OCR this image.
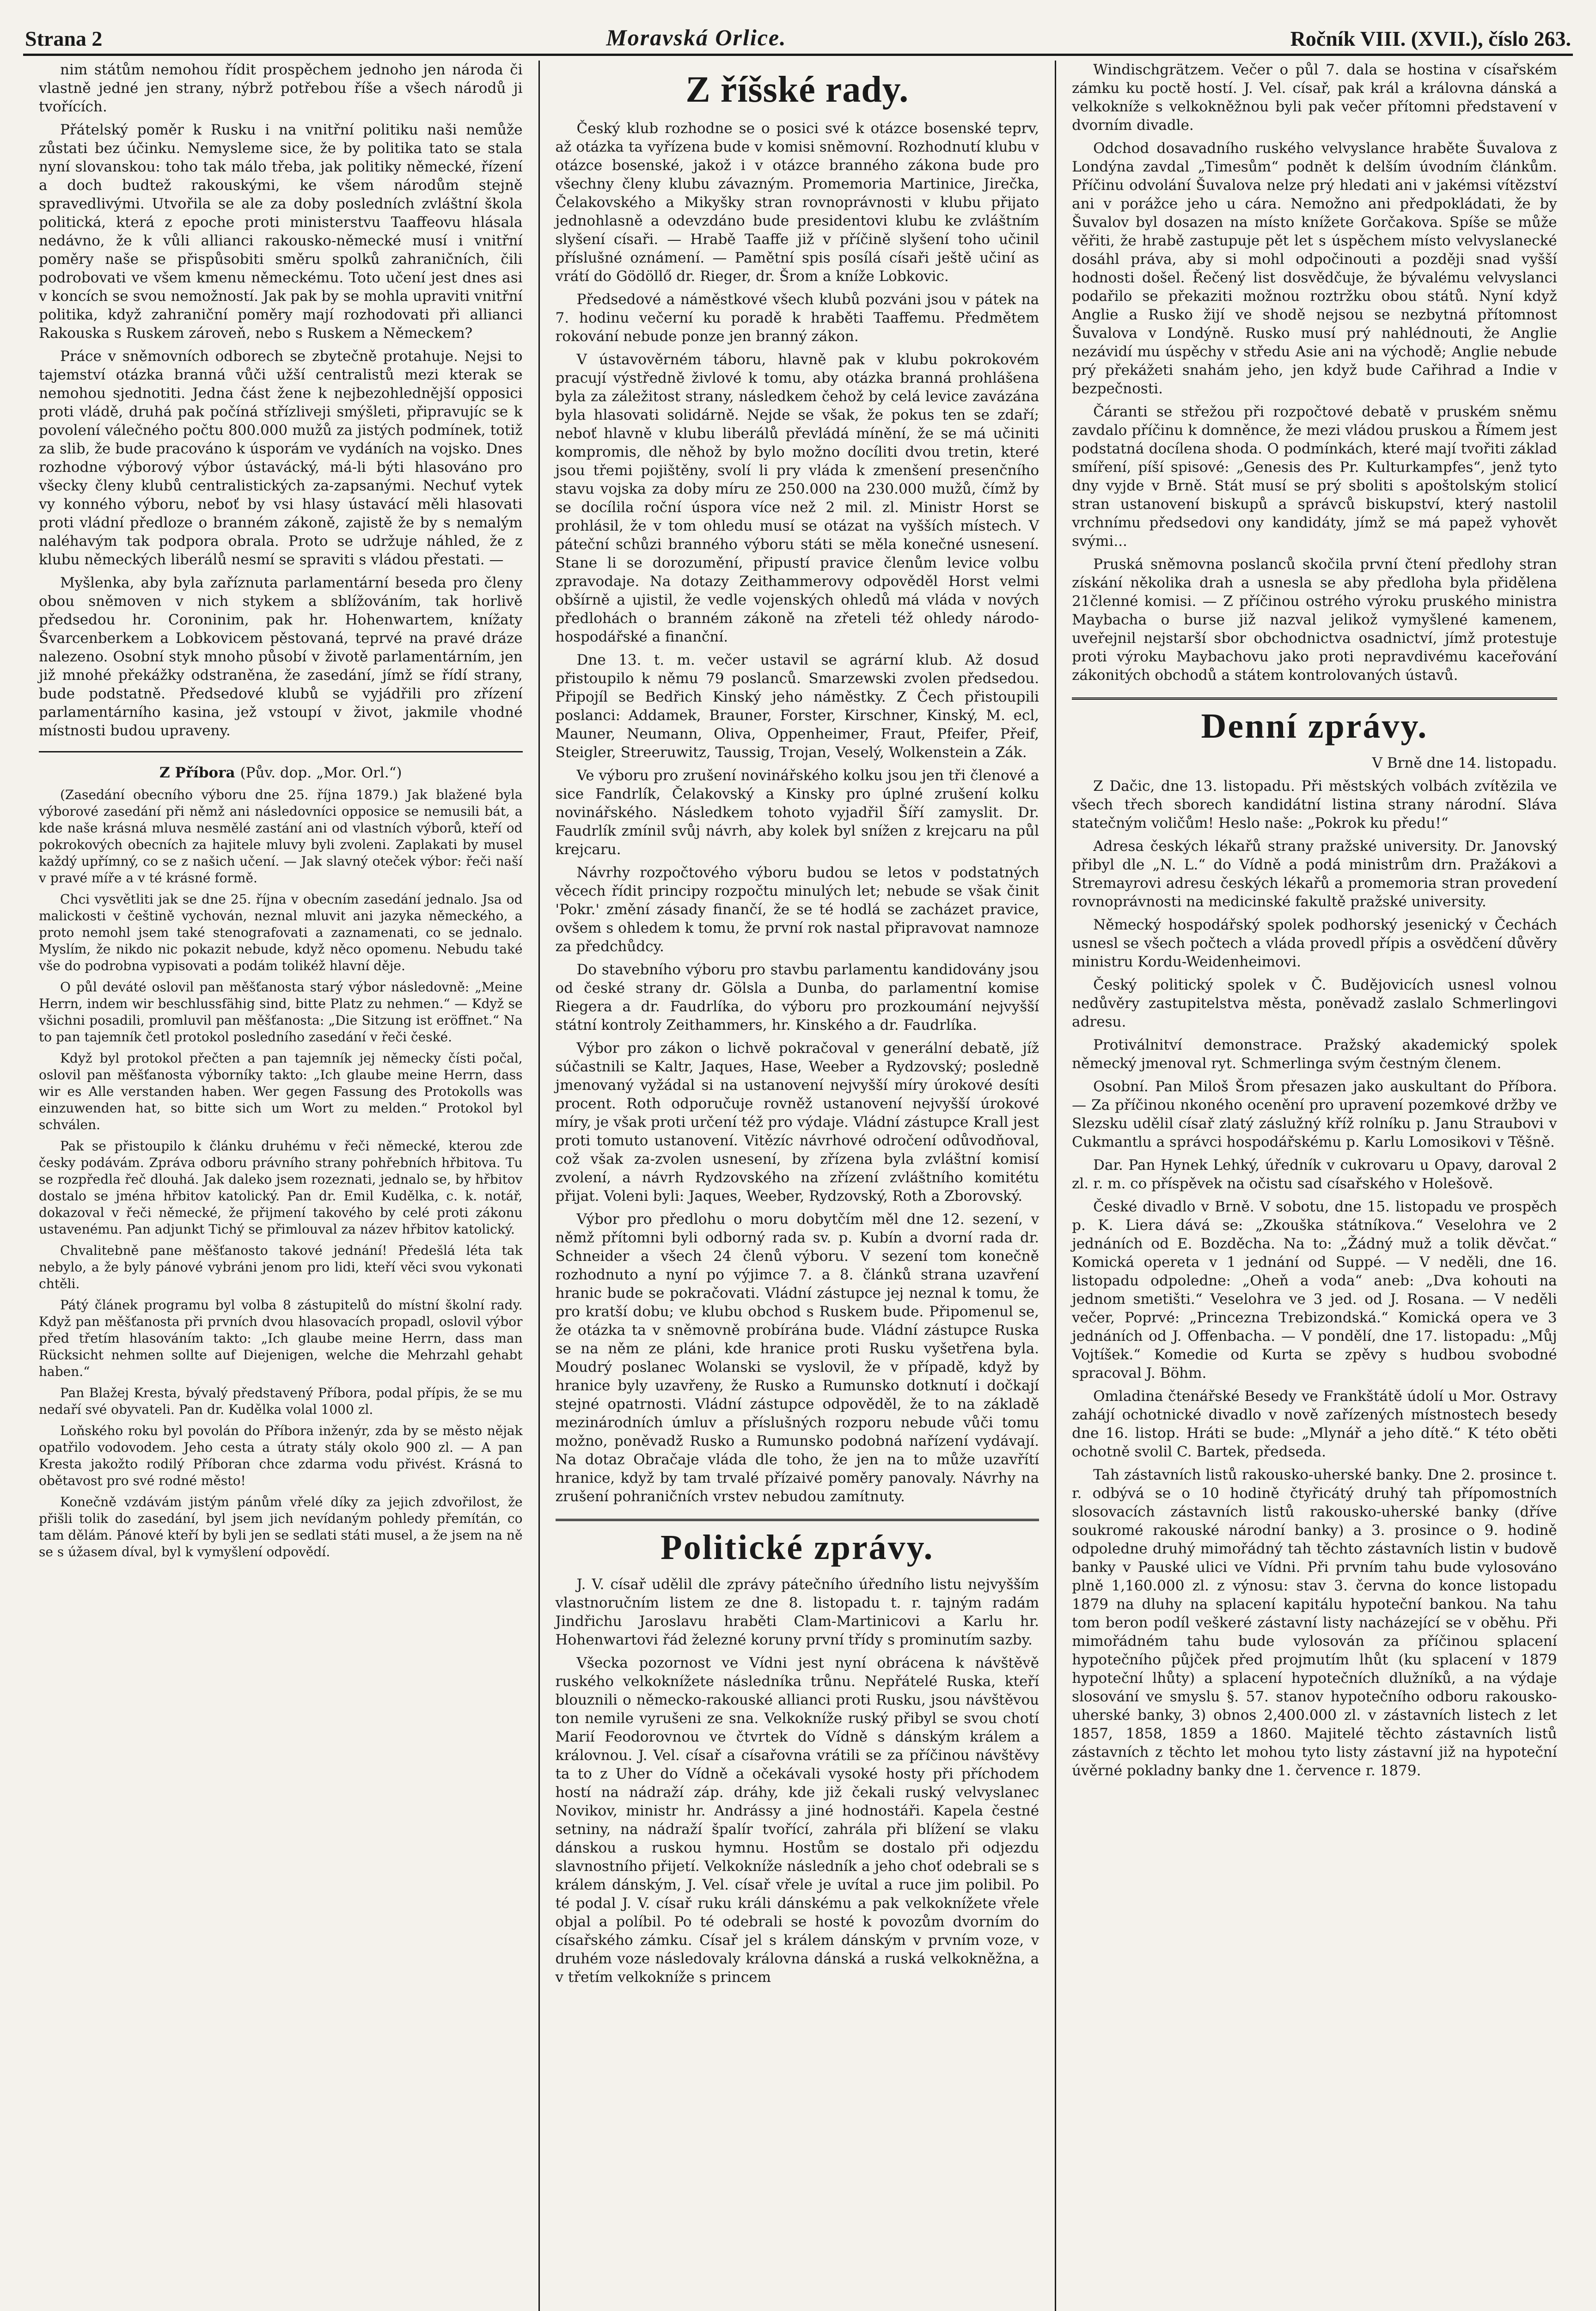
Strana 2	Moravská Orlice.	Ročník VIII. (XVII.), číslo 263.

nim státům nemohou řídit prospěchem jednoho jen národa či vlastně jedné jen strany, nýbrž potřebou říše a všech národů ji tvořících.

Přátelský poměr k Rusku i na vnitřní politiku naši nemůže zůstati bez účinku. Nemysleme sice, že by politika tato se stala nyní slovanskou: toho tak málo třeba, jak politiky německé, řízení a doch budtež rakouskými, ke všem národům stejně spravedlivými. Utvořila se ale za doby posledních zvláštní škola politická, která z epoche proti ministerstvu Taaffeovu hlásala nedávno, že k vůli allianci rakousko-německé musí i vnitřní poměry naše se přispůsobiti směru spolků zahraničních, čili podrobovati ve všem kmenu německému. Toto učení jest dnes asi v koncích se svou nemožností. Jak pak by se mohla upraviti vnitřní politika, když zahraniční poměry mají rozhodovati při allianci Rakouska s Ruskem zároveň, nebo s Ruskem a Německem?

Práce v sněmovních odborech se zbytečně protahuje. Nejsi to tajemství otázka branná vůči užší centralistů mezi kterak se nemohou sjednotiti. Jedna část žene k nejbezohlednější opposici proti vládě, druhá pak počíná střízliveji smýšleti, připravujíc se k povolení válečného počtu 800.000 mužů za jistých podmínek, totiž za slib, že bude pracováno k úsporám ve vydáních na vojsko. Dnes rozhodne výborový výbor ústavácký, má-li býti hlasováno pro všecky členy klubů centralistických za-zapsanými. Nechuť vytek vy konného výboru, neboť by vsi hlasy ústavácí měli hlasovati proti vládní předloze o branném zákoně, zajistě že by s nemalým naléhavým tak podpora obrala. Proto se udržuje náhled, že z klubu německých liberálů nesmí se spraviti s vládou přestati. —

Myšlenka, aby byla zaříznuta parlamentární beseda pro členy obou sněmoven v nich stykem a sblížováním, tak horlivě předsedou hr. Coroninim, pak hr. Hohenwartem, knížaty Švarcenberkem a Lobkovicem pěstovaná, teprvé na pravé dráze nalezeno. Osobní styk mnoho působí v životě parlamentárním, jen již mnohé překážky odstraněna, že zasedání, jímž se řídí strany, bude podstatně. Předsedové klubů se vyjádřili pro zřízení parlamentárního kasina, jež vstoupí v život, jakmile vhodné místnosti budou upraveny.

Z Příbora (Pův. dop. „Mor. Orl.“)

(Zasedání obecního výboru dne 25. října 1879.) Jak blažené byla výborové zasedání při němž ani následovníci opposice se nemusili bát, a kde naše krásná mluva nesmělé zastání ani od vlastních výborů, kteří od pokrokových obecních za hajitele mluvy byli zvoleni. Zaplakati by musel každý upřímný, co se z našich učení. — Jak slavný oteček výbor: řeči naší v pravé míře a v té krásné formě.

Chci vysvětliti jak se dne 25. října v obecním zasedání jednalo. Jsa od malickosti v češtině vychován, neznal mluvit ani jazyka německého, a proto nemohl jsem také stenografovati a zaznamenati, co se jednalo. Myslím, že nikdo nic pokazit nebude, když něco opomenu. Nebudu také vše do podrobna vypisovati a podám tolikéž hlavní děje.

O půl deváté oslovil pan měšťanosta starý výbor následovně: „Meine Herrn, indem wir beschlussfähig sind, bitte Platz zu nehmen.“ — Když se všichni posadili, promluvil pan měšťanosta: „Die Sitzung ist eröffnet.“ Na to pan tajemník četl protokol posledního zasedání v řeči české.

Když byl protokol přečten a pan tajemník jej německy čísti počal, oslovil pan měšťanosta výborníky takto: „Ich glaube meine Herrn, dass wir es Alle verstanden haben. Wer gegen Fassung des Protokolls was einzuwenden hat, so bitte sich um Wort zu melden.“ Protokol byl schválen.

Pak se přistoupilo k článku druhému v řeči německé, kterou zde česky podávám. Zpráva odboru právního strany pohřebních hřbitova. Tu se rozpředla řeč dlouhá. Jak daleko jsem rozeznati, jednalo se, by hřbitov dostalo se jména hřbitov katolický. Pan dr. Emil Kudělka, c. k. notář, dokazoval v řeči německé, že přijmení takového by celé proti zákonu ustavenému. Pan adjunkt Tichý se přimlouval za název hřbitov katolický.

Chvalitebně pane měšťanosto takové jednání! Předešlá léta tak nebylo, a že byly pánové vybráni jenom pro lidi, kteří věci svou vykonati chtěli.

Pátý článek programu byl volba 8 zástupitelů do místní školní rady. Když pan měšťanosta při prvních dvou hlasovacích propadl, oslovil výbor před třetím hlasováním takto: „Ich glaube meine Herrn, dass man Rücksicht nehmen sollte auf Diejenigen, welche die Mehrzahl gehabt haben.“

Pan Blažej Kresta, bývalý představený Příbora, podal přípis, že se mu nedaří své obyvateli. Pan dr. Kudělka volal 1000 zl.

Loňského roku byl povolán do Příbora inženýr, zda by se město nějak opatřilo vodovodem. Jeho cesta a útraty stály okolo 900 zl. — A pan Kresta jakožto rodilý Příboran chce zdarma vodu přivést. Krásná to obětavost pro své rodné město!

Konečně vzdávám jistým pánům vřelé díky za jejich zdvořilost, že přišli tolik do zasedání, byl jsem jich nevídaným pohledy přemítán, co tam dělám. Pánové kteří by byli jen se sedlati státi musel, a že jsem na ně se s úžasem díval, byl k vymyšlení odpovědí.

Z říšské rady.

Český klub rozhodne se o posici své k otázce bosenské teprv, až otázka ta vyřízena bude v komisi sněmovní. Rozhodnutí klubu v otázce bosenské, jakož i v otázce branného zákona bude pro všechny členy klubu závazným. Promemoria Martinice, Jirečka, Čelakovského a Mikyšky stran rovnoprávnosti v klubu přijato jednohlasně a odevzdáno bude presidentovi klubu ke zvláštním slyšení císaři. — Hrabě Taaffe již v příčině slyšení toho učinil příslušné oznámení. — Pamětní spis posílá císaři ještě učiní as vrátí do Gödöllő dr. Rieger, dr. Šrom a kníže Lobkovic.

Předsedové a náměstkové všech klubů pozváni jsou v pátek na 7. hodinu večerní ku poradě k hraběti Taaffemu. Předmětem rokování nebude ponze jen branný zákon.

V ústavověrném táboru, hlavně pak v klubu pokrokovém pracují výstředně živlové k tomu, aby otázka branná prohlášena byla za záležitost strany, následkem čehož by celá levice zavázána byla hlasovati solidárně. Nejde se však, že pokus ten se zdaří; neboť hlavně v klubu liberálů převládá mínění, že se má učiniti kompromis, dle něhož by bylo možno docíliti dvou tretin, které jsou třemi pojištěny, svolí li pry vláda k zmenšení presenčního stavu vojska za doby míru ze 250.000 na 230.000 mužů, čímž by se docílila roční úspora více než 2 mil. zl. Ministr Horst se prohlásil, že v tom ohledu musí se otázat na vyšších místech. V páteční schůzi branného výboru státi se měla konečné usnesení. Stane li se dorozumění, připustí pravice členům levice volbu zpravodaje. Na dotazy Zeithammerovy odpověděl Horst velmi obšírně a ujistil, že vedle vojenských ohledů má vláda v nových předlohách o branném zákoně na zřeteli též ohledy národo-hospodářské a finanční.

Dne 13. t. m. večer ustavil se agrární klub. Až dosud přistoupilo k němu 79 poslanců. Smarzewski zvolen předsedou. Připojíl se Bedřich Kinský jeho náměstky. Z Čech přistoupili poslanci: Addamek, Brauner, Forster, Kirschner, Kinský, M. ecl, Mauner, Neumann, Oliva, Oppenheimer, Fraut, Pfeifer, Přeif, Steigler, Streeruwitz, Taussig, Trojan, Veselý, Wolkenstein a Zák.

Ve výboru pro zrušení novinářského kolku jsou jen tři členové a sice Fandrlík, Čelakovský a Kinsky pro úplné zrušení kolku novinářského. Následkem tohoto vyjadřil Šíří zamyslit. Dr. Faudrlík zmínil svůj návrh, aby kolek byl snížen z krejcaru na půl krejcaru.

Návrhy rozpočtového výboru budou se letos v podstatných věcech řídit principy rozpočtu minulých let; nebude se však činit 'Pokr.' změní zásady finančí, že se té hodlá se zacházet pravice, ovšem s ohledem k tomu, že první rok nastal připravovat namnoze za předchůdcy.

Do stavebního výboru pro stavbu parlamentu kandidovány jsou od české strany dr. Gölsla a Dunba, do parlamentní komise Riegera a dr. Faudrlíka, do výboru pro prozkoumání nejvyšší státní kontroly Zeithammers, hr. Kinského a dr. Faudrlíka.

Výbor pro zákon o lichvě pokračoval v generální debatě, jíž súčastnili se Kaltr, Jaques, Hase, Weeber a Rydzovský; posledně jmenovaný vyžádal si na ustanovení nejvyšší míry úrokové desíti procent. Roth odporučuje rovněž ustanovení nejvyšší úrokové míry, je však proti určení též pro výdaje. Vládní zástupce Krall jest proti tomuto ustanovení. Vitězíc návrhové odročení odůvodňoval, což však za-zvolen usnesení, by zřízena byla zvláštní komisí zvolení, a návrh Rydzovského na zřízení zvláštního komitétu přijat. Voleni byli: Jaques, Weeber, Rydzovský, Roth a Zborovský.

Výbor pro předlohu o moru dobytčím měl dne 12. sezení, v němž přítomni byli odborný rada sv. p. Kubín a dvorní rada dr. Schneider a všech 24 členů výboru. V sezení tom konečně rozhodnuto a nyní po výjimce 7. a 8. článků strana uzavření hranic bude se pokračovati. Vládní zástupce jej neznal k tomu, že pro kratší dobu; ve klubu obchod s Ruskem bude. Připomenul se, že otázka ta v sněmovně probírána bude. Vládní zástupce Ruska se na něm ze pláni, kde hranice proti Rusku vyšetřena byla. Moudrý poslanec Wolanski se vyslovil, že v případě, když by hranice byly uzavřeny, že Rusko a Rumunsko dotknutí i dočkají stejné opatrnosti. Vládní zástupce odpověděl, že to na základě mezinárodních úmluv a příslušných rozporu nebude vůči tomu možno, poněvadž Rusko a Rumunsko podobná nařízení vydávají. Na dotaz Obračaje vláda dle toho, že jen na to může uzavřítí hranice, když by tam trvalé přízaivé poměry panovaly. Návrhy na zrušení pohraničních vrstev nebudou zamítnuty.

Politické zprávy.

J. V. císař udělil dle zprávy pátečního úředního listu nejvyšším vlastnoručním listem ze dne 8. listopadu t. r. tajným radám Jindřichu Jaroslavu hraběti Clam-Martinicovi a Karlu hr. Hohenwartovi řád železné koruny první třídy s prominutím sazby.

Všecka pozornost ve Vídni jest nyní obrácena k návštěvě ruského velkoknížete následníka trůnu. Nepřátelé Ruska, kteří blouznili o německo-rakouské allianci proti Rusku, jsou návštěvou ton nemile vyrušeni ze sna. Velkokníže ruský přibyl se svou chotí Marií Feodorovnou ve čtvrtek do Vídně s dánským králem a královnou. J. Vel. císař a císařovna vrátili se za příčinou návštěvy ta to z Uher do Vídně a očekávali vysoké hosty při příchodem hostí na nádraží záp. dráhy, kde již čekali ruský velvyslanec Novikov, ministr hr. Andrássy a jiné hodnostáři. Kapela čestné setniny, na nádraží špalír tvořící, zahrála při blížení se vlaku dánskou a ruskou hymnu. Hostům se dostalo při odjezdu slavnostního přijetí. Velkokníže následník a jeho choť odebrali se s králem dánským, J. Vel. císař vřele je uvítal a ruce jim polibil. Po té podal J. V. císař ruku králi dánskému a pak velkoknížete vřele objal a políbil. Po té odebrali se hosté k povozům dvorním do císařského zámku. Císař jel s králem dánským v prvním voze, v druhém voze následovaly královna dánská a ruská velkokněžna, a v třetím velkokníže s princem

Windischgrätzem. Večer o půl 7. dala se hostina v císařském zámku ku poctě hostí. J. Vel. císař, pak král a královna dánská a velkokníže s velkokněžnou byli pak večer přítomni představení v dvorním divadle.

Odchod dosavadního ruského velvyslance hraběte Šuvalova z Londýna zavdal „Timesům“ podnět k delším úvodním článkům. Příčinu odvolání Šuvalova nelze prý hledati ani v jakémsi vítězství ani v porážce jeho u cára. Nemožno ani předpokládati, že by Šuvalov byl dosazen na místo knížete Gorčakova. Spíše se může věřiti, že hrabě zastupuje pět let s úspěchem místo velvyslanecké dosáhl práva, aby si mohl odpočinouti a později snad vyšší hodnosti došel. Řečený list dosvědčuje, že bývalému velvyslanci podařilo se překaziti možnou roztržku obou států. Nyní když Anglie a Rusko žijí ve shodě nejsou se nezbytná přítomnost Šuvalova v Londýně. Rusko musí prý nahlédnouti, že Anglie nezávidí mu úspěchy v středu Asie ani na východě; Anglie nebude prý překážeti snahám jeho, jen když bude Cařihrad a Indie v bezpečnosti.

Čáranti se střežou při rozpočtové debatě v pruském sněmu zavdalo příčinu k domněnce, že mezi vládou pruskou a Římem jest podstatná docílena shoda. O podmínkách, které mají tvořiti základ smíření, píší spisové: „Genesis des Pr. Kulturkampfes“, jenž tyto dny vyjde v Brně. Stát musí se prý sboliti s apoštolským stolicí stran ustanovení biskupů a správců biskupství, který nastolil vrchnímu předsedovi ony kandidáty, jímž se má papež vyhovět svými...

Pruská sněmovna poslanců skočila první čtení předlohy stran získání několika drah a usnesla se aby předloha byla přidělena 21členné komisi. — Z příčinou ostrého výroku pruského ministra Maybacha o burse již nazval jelikož vymyšlené kamenem, uveřejnil nejstarší sbor obchodnictva osadnictví, jímž protestuje proti výroku Maybachovu jako proti nepravdivému kaceřování zákonitých obchodů a státem kontrolovaných ústavů.

Denní zprávy.

V Brně dne 14. listopadu.

Z Dačic, dne 13. listopadu. Při městských volbách zvítězila ve všech třech sborech kandidátní listina strany národní. Sláva statečným voličům! Heslo naše: „Pokrok ku předu!“

Adresa českých lékařů strany pražské university. Dr. Janovský přibyl dle „N. L.“ do Vídně a podá ministrům drn. Pražákovi a Stremayrovi adresu českých lékařů a promemoria stran provedení rovnoprávnosti na medicinské fakultě pražské university.

Německý hospodářský spolek podhorský jesenický v Čechách usnesl se všech počtech a vláda provedl přípis a osvědčení důvěry ministru Kordu-Weidenheimovi.

Český politický spolek v Č. Budějovicích usnesl volnou nedůvěry zastupitelstva města, poněvadž zaslalo Schmerlingovi adresu.

Protiválnitví demonstrace. Pražský akademický spolek německý jmenoval ryt. Schmerlinga svým čestným členem.

Osobní. Pan Miloš Šrom přesazen jako auskultant do Příbora. — Za příčinou nkoného ocenění pro upravení pozemkové držby ve Slezsku udělil císař zlatý záslužný kříž rolníku p. Janu Straubovi v Cukmantlu a správci hospodářskému p. Karlu Lomosikovi v Těšně.

Dar. Pan Hynek Lehký, úředník v cukrovaru u Opavy, daroval 2 zl. r. m. co příspěvek na očistu sad císařského v Holešově.

České divadlo v Brně. V sobotu, dne 15. listopadu ve prospěch p. K. Liera dává se: „Zkouška státníkova.“ Veselohra ve 2 jednáních od E. Bozděcha. Na to: „Žádný muž a tolik děvčat.“ Komická opereta v 1 jednání od Suppé. — V neděli, dne 16. listopadu odpoledne: „Oheň a voda“ aneb: „Dva kohouti na jednom smetišti.“ Veselohra ve 3 jed. od J. Rosana. — V neděli večer, Poprvé: „Princezna Trebizondská.“ Komická opera ve 3 jednáních od J. Offenbacha. — V pondělí, dne 17. listopadu: „Můj Vojtíšek.“ Komedie od Kurta se zpěvy s hudbou svobodné spracoval J. Böhm.

Omladina čtenářské Besedy ve Frankštátě údolí u Mor. Ostravy zahájí ochotnické divadlo v nově zařízených místnostech besedy dne 16. listop. Hráti se bude: „Mlynář a jeho dítě.“ K této oběti ochotně svolil C. Bartek, předseda.

Tah zástavních listů rakousko-uherské banky. Dne 2. prosince t. r. odbývá se o 10 hodině čtyřicátý druhý tah přípomostních slosovacích zástavních listů rakousko-uherské banky (dříve soukromé rakouské národní banky) a 3. prosince o 9. hodině odpoledne druhý mimořádný tah těchto zástavních listin v budově banky v Pauské ulici ve Vídni. Při prvním tahu bude vylosováno plně 1,160.000 zl. z výnosu: stav 3. června do konce listopadu 1879 na dluhy na splacení kapitálu hypoteční bankou. Na tahu tom beron podíl veškeré zástavní listy nacházející se v oběhu. Při mimořádném tahu bude vylosován za příčinou splacení hypotečního půjček před projmutím lhůt (ku splacení v 1879 hypoteční lhůty) a splacení hypotečních dlužníků, a na výdaje slosování ve smyslu §. 57. stanov hypotečního odboru rakousko-uherské banky, 3) obnos 2,400.000 zl. v zástavních listech z let 1857, 1858, 1859 a 1860. Majitelé těchto zástavních listů zástavních z těchto let mohou tyto listy zástavní již na hypoteční úvěrné pokladny banky dne 1. července r. 1879.
